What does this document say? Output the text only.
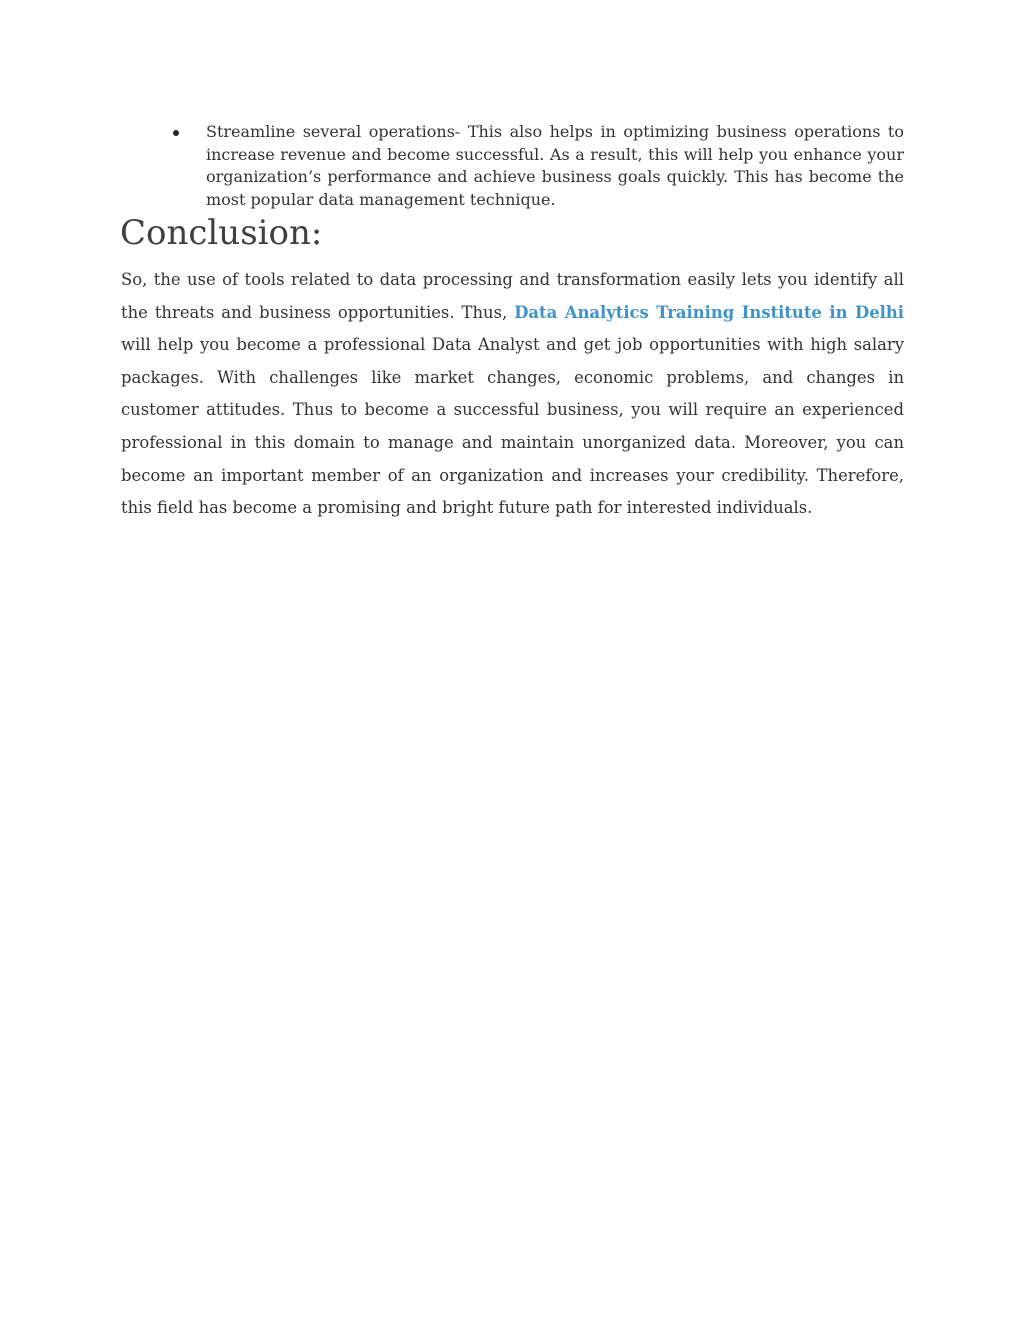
Streamline several operations- This also helps in optimizing business operations to increase revenue and become successful. As a result, this will help you enhance your organization’s performance and achieve business goals quickly. This has become the most popular data management technique.
Conclusion:

So, the use of tools related to data processing and transformation easily lets you identify all the threats and business opportunities. Thus, Data Analytics Training Institute in Delhi will help you become a professional Data Analyst and get job opportunities with high salary packages. With challenges like market changes, economic problems, and changes in customer attitudes. Thus to become a successful business, you will require an experienced professional in this domain to manage and maintain unorganized data. Moreover, you can become an important member of an organization and increases your credibility. Therefore, this field has become a promising and bright future path for interested individuals.
